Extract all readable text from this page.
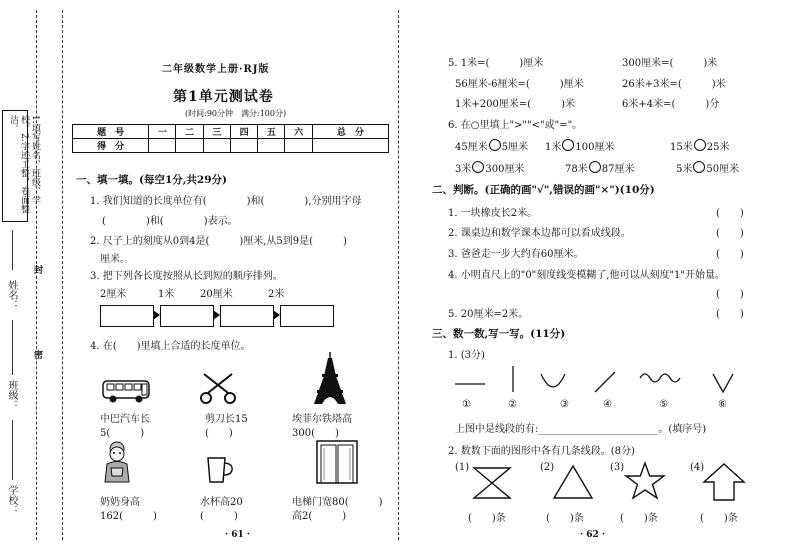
1.填写姓名、班级、学校。2.字迹工整，卷面整洁。
姓名：
班级：
学校：
封
密
二年级数学上册·RJ版
第1单元测试卷
(时间:90分钟　满分:100分)
题　号	一	二	三	四	五	六	总　分
得　分							
一、填一填。(每空1分,共29分)
1. 我们知道的长度单位有(　　　　)和(　　　　),分别用字母
(　　　　)和(　　　　)表示。
2. 尺子上的刻度从0到4是(　　　)厘米,从5到9是(　　　)
厘米。
3. 把下列各长度按照从长到短的顺序排列。
2厘米	1米	20厘米	2米
4. 在(　　)里填上合适的长度单位。
中巴汽车长
5(　　　)
剪刀长15
(　　)
埃菲尔铁塔高
300(　　)
奶奶身高
162(　　　)
水杯高20
(　　　)
电梯门宽80(　　　)
高2(　　　)
· 61 ·
5. 1米=(　　　)厘米	300厘米=(　　　)米
56厘米-6厘米=(　　　)厘米	26米+3米=(　　　)米
1米+200厘米=(　　　)米	6米+4米=(　　　)分
6. 在○里填上">""<"或"="。
45厘米 5厘米 1米 100厘米	15米 25米
3米 300厘米	78米 87厘米	5米 50厘米
二、判断。(正确的画"√",错误的画"×")(10分)
1. 一块橡皮长2米。	(　　)
2. 课桌边和数学课本边都可以看成线段。	(　　)
3. 爸爸走一步大约有60厘米。	(　　)
4. 小明直尺上的"0"刻度线变模糊了,他可以从刻度"1"开始量。
(　　)
5. 20厘米=2米。	(　　)
三、数一数,写一写。(11分)
1. (3分)
①	②	③	④	⑤	⑥
上图中是线段的有:________________________。(填序号)
2. 数数下面的图形中各有几条线段。(8分)
(1)
(　　)条
(2)
(　　)条
(3)
(　　)条
(4)
(　　)条
· 62 ·
